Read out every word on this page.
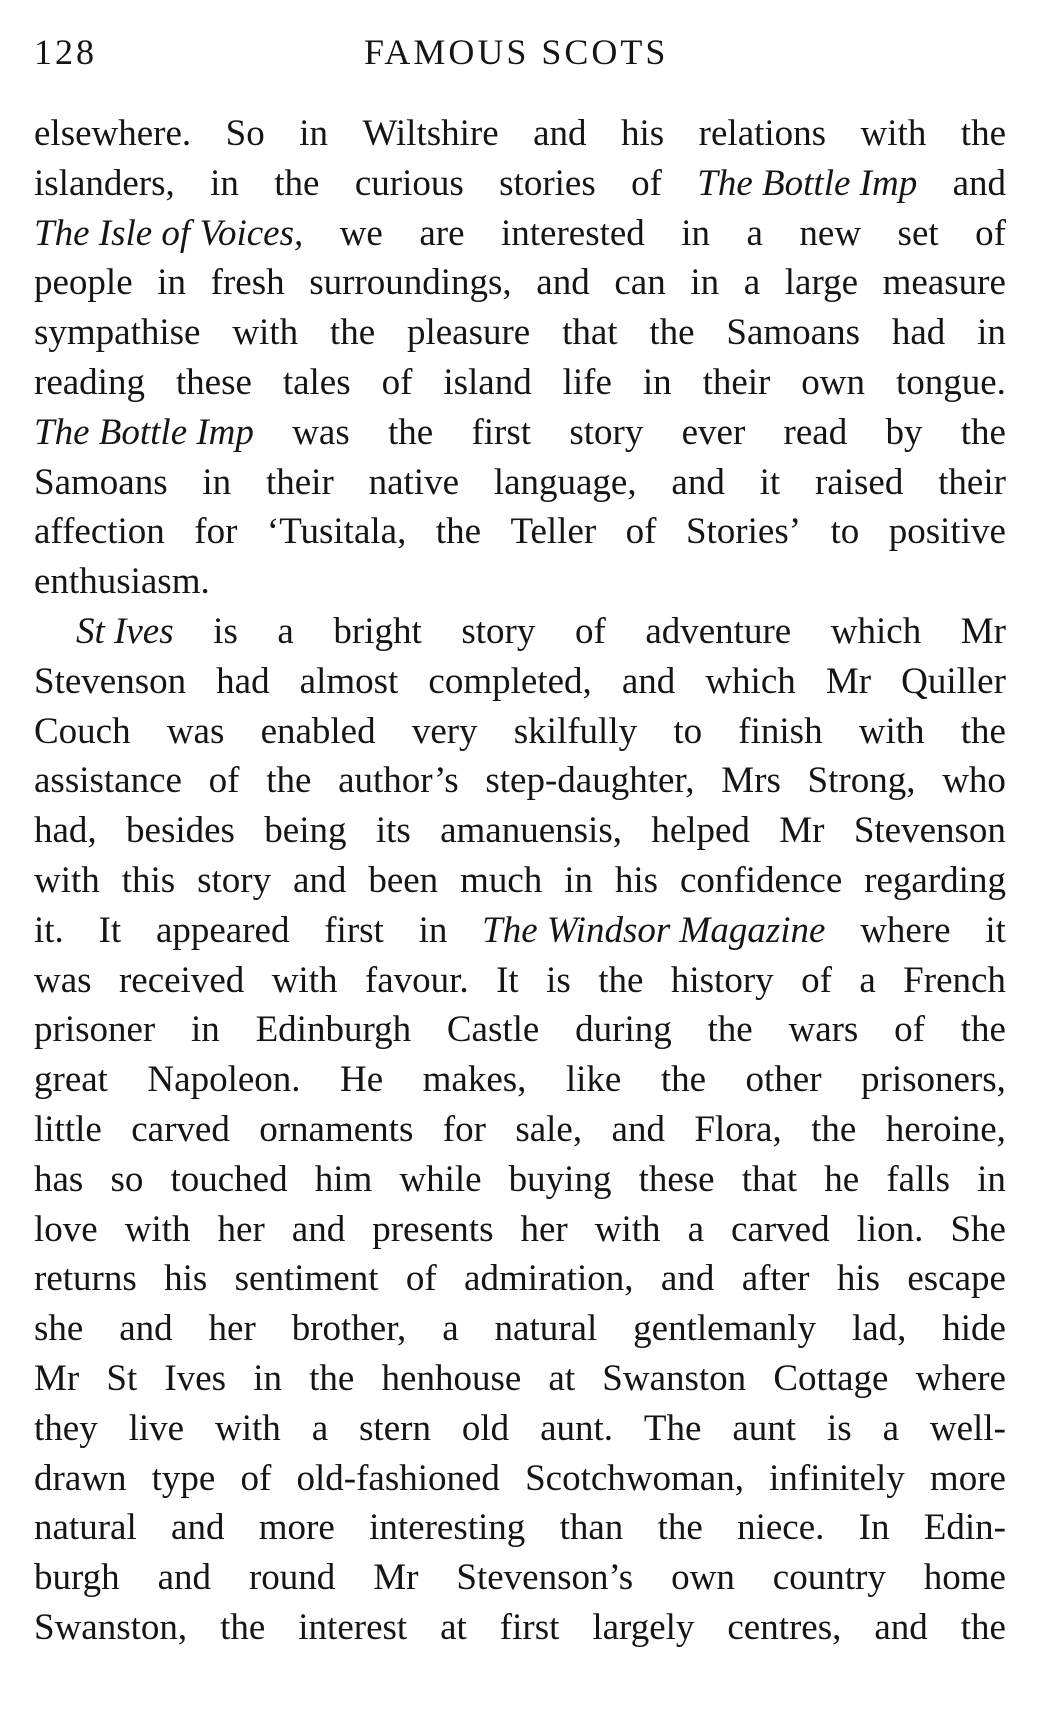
128	FAMOUS SCOTS
elsewhere. So in Wiltshire and his relations with the
islanders, in the curious stories of The Bottle Imp and
The Isle of Voices, we are interested in a new set of
people in fresh surroundings, and can in a large measure
sympathise with the pleasure that the Samoans had in
reading these tales of island life in their own tongue.
The Bottle Imp was the first story ever read by the
Samoans in their native language, and it raised their
affection for ‘Tusitala, the Teller of Stories’ to positive
enthusiasm.
St Ives is a bright story of adventure which Mr
Stevenson had almost completed, and which Mr Quiller
Couch was enabled very skilfully to finish with the
assistance of the author’s step-daughter, Mrs Strong, who
had, besides being its amanuensis, helped Mr Stevenson
with this story and been much in his confidence regarding
it. It appeared first in The Windsor Magazine where it
was received with favour. It is the history of a French
prisoner in Edinburgh Castle during the wars of the
great Napoleon. He makes, like the other prisoners,
little carved ornaments for sale, and Flora, the heroine,
has so touched him while buying these that he falls in
love with her and presents her with a carved lion. She
returns his sentiment of admiration, and after his escape
she and her brother, a natural gentlemanly lad, hide
Mr St Ives in the henhouse at Swanston Cottage where
they live with a stern old aunt. The aunt is a well-
drawn type of old-fashioned Scotchwoman, infinitely more
natural and more interesting than the niece. In Edin-
burgh and round Mr Stevenson’s own country home
Swanston, the interest at first largely centres, and the
